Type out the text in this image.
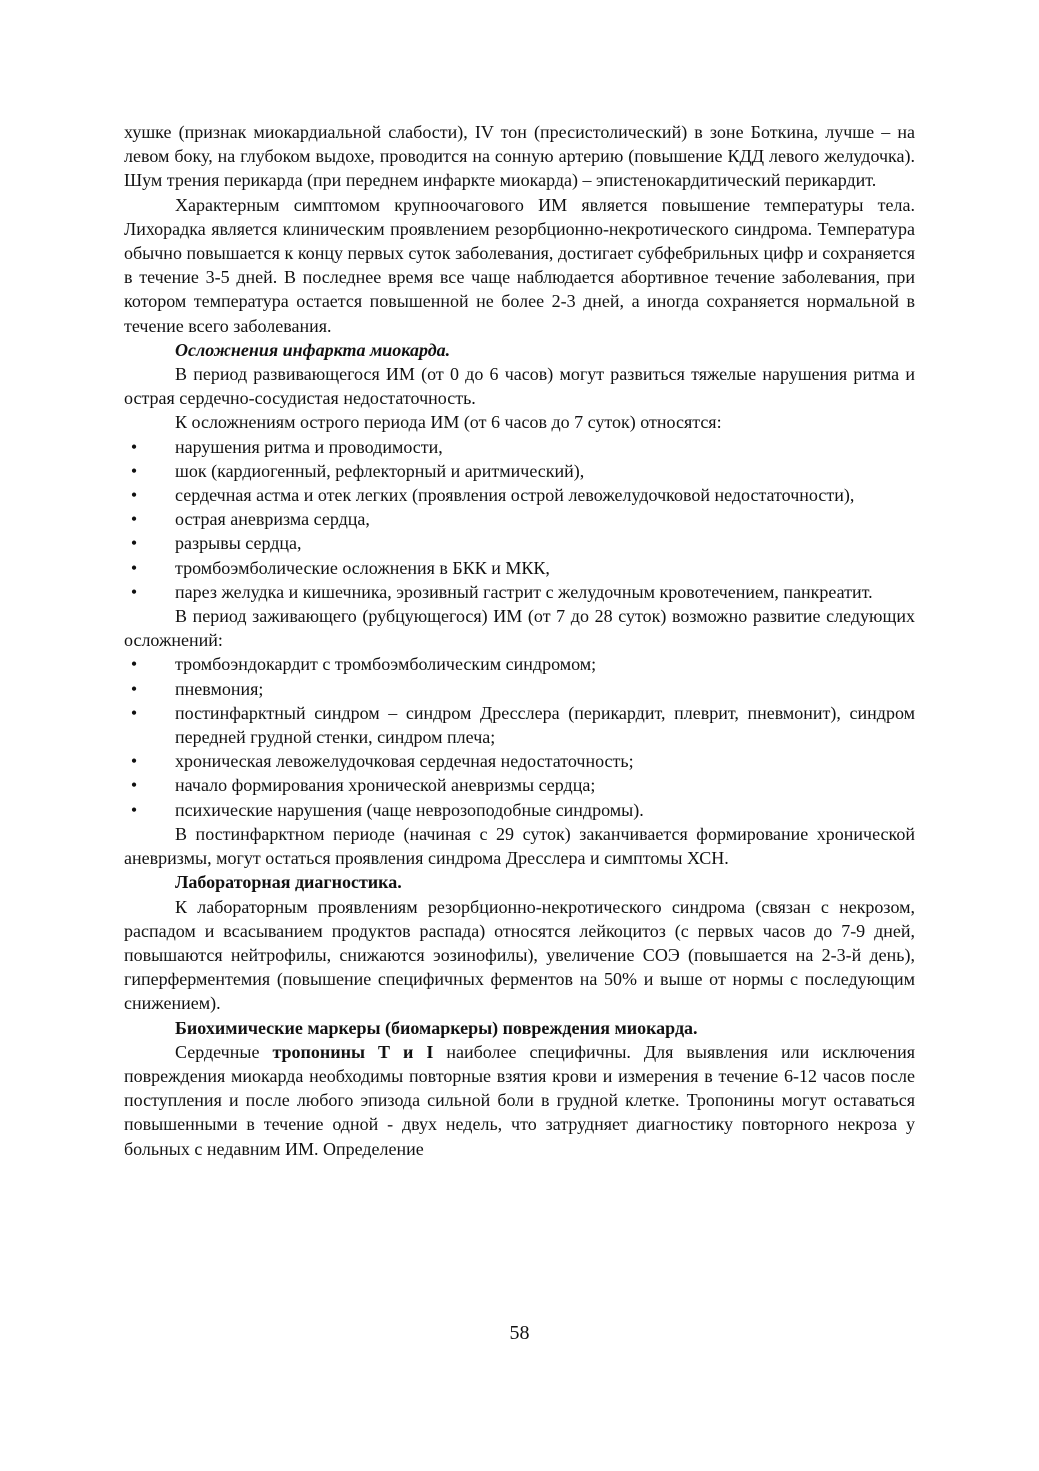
хушке (признак миокардиальной слабости), IV тон (пресистолический) в зоне Боткина, лучше – на левом боку, на глубоком выдохе, проводится на сонную артерию (повышение КДД левого желудочка). Шум трения перикарда (при переднем инфаркте миокарда) – эпистенокардитический перикардит.

Характерным симптомом крупноочагового ИМ является повышение температуры тела. Лихорадка является клиническим проявлением резорбционно-некротического синдрома. Температура обычно повышается к концу первых суток заболевания, достигает субфебрильных цифр и сохраняется в течение 3-5 дней. В последнее время все чаще наблюдается абортивное течение заболевания, при котором температура остается повышенной не более 2-3 дней, а иногда сохраняется нормальной в течение всего заболевания.

Осложнения инфаркта миокарда.

В период развивающегося ИМ (от 0 до 6 часов) могут развиться тяжелые нарушения ритма и острая сердечно-сосудистая недостаточность.

К осложнениям острого периода ИМ (от 6 часов до 7 суток) относятся:

•	нарушения ритма и проводимости,
•	шок (кардиогенный, рефлекторный и аритмический),
•	сердечная астма и отек легких (проявления острой левожелудочковой недостаточности),
•	острая аневризма сердца,
•	разрывы сердца,
•	тромбоэмболические осложнения в БКК и МКК,
•	парез желудка и кишечника, эрозивный гастрит с желудочным кровотечением, панкреатит.

В период заживающего (рубцующегося) ИМ (от 7 до 28 суток) возможно развитие следующих осложнений:

•	тромбоэндокардит с тромбоэмболическим синдромом;
•	пневмония;
•	постинфарктный синдром – синдром Дресслера (перикардит, плеврит, пневмонит), синдром передней грудной стенки, синдром плеча;
•	хроническая левожелудочковая сердечная недостаточность;
•	начало формирования хронической аневризмы сердца;
•	психические нарушения (чаще неврозоподобные синдромы).

В постинфарктном периоде (начиная с 29 суток) заканчивается формирование хронической аневризмы, могут остаться проявления синдрома Дресслера и симптомы ХСН.

Лабораторная диагностика.

К лабораторным проявлениям резорбционно-некротического синдрома (связан с некрозом, распадом и всасыванием продуктов распада) относятся лейкоцитоз (с первых часов до 7-9 дней, повышаются нейтрофилы, снижаются эозинофилы), увеличение СОЭ (повышается на 2-3-й день), гиперферментемия (повышение специфичных ферментов на 50% и выше от нормы с последующим снижением).

Биохимические маркеры (биомаркеры) повреждения миокарда.

Сердечные тропонины Т и I наиболее специфичны. Для выявления или исключения повреждения миокарда необходимы повторные взятия крови и измерения в течение 6-12 часов после поступления и после любого эпизода сильной боли в грудной клетке. Тропонины могут оставаться повышенными в течение одной - двух недель, что затрудняет диагностику повторного некроза у больных с недавним ИМ. Определение

58
